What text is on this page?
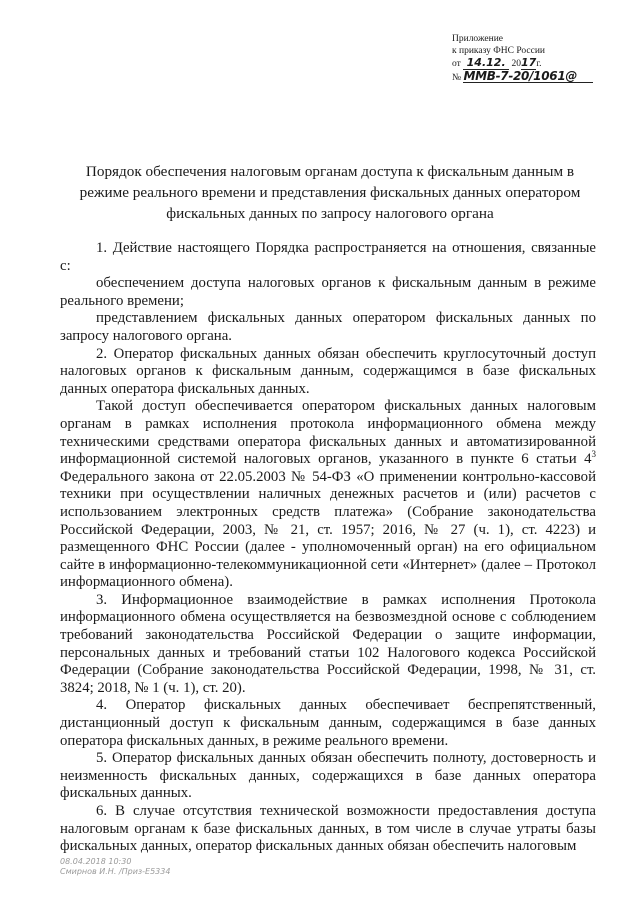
Приложение
к приказу ФНС России
от 14.12. 2017г.
№ ММВ-7-20/1061@
Порядок обеспечения налоговым органам доступа к фискальным данным в режиме реального времени и представления фискальных данных оператором фискальных данных по запросу налогового органа

1. Действие настоящего Порядка распространяется на отношения, связанные с:

обеспечением доступа налоговых органов к фискальным данным в режиме реального времени;

представлением фискальных данных оператором фискальных данных по запросу налогового органа.

2. Оператор фискальных данных обязан обеспечить круглосуточный доступ налоговых органов к фискальным данным, содержащимся в базе фискальных данных оператора фискальных данных.

Такой доступ обеспечивается оператором фискальных данных налоговым органам в рамках исполнения протокола информационного обмена между техническими средствами оператора фискальных данных и автоматизированной информационной системой налоговых органов, указанного в пункте 6 статьи $4^3$ Федерального закона от 22.05.2003 № 54-ФЗ «О применении контрольно-кассовой техники при осуществлении наличных денежных расчетов и (или) расчетов с использованием электронных средств платежа» (Собрание законодательства Российской Федерации, 2003, № 21, ст. 1957; 2016, № 27 (ч. 1), ст. 4223) и размещенного ФНС России (далее - уполномоченный орган) на его официальном сайте в информационно-телекоммуникационной сети «Интернет» (далее – Протокол информационного обмена).

3. Информационное взаимодействие в рамках исполнения Протокола информационного обмена осуществляется на безвозмездной основе с соблюдением требований законодательства Российской Федерации о защите информации, персональных данных и требований статьи 102 Налогового кодекса Российской Федерации (Собрание законодательства Российской Федерации, 1998, № 31, ст. 3824; 2018, № 1 (ч. 1), ст. 20).

4. Оператор фискальных данных обеспечивает беспрепятственный, дистанционный доступ к фискальным данным, содержащимся в базе данных оператора фискальных данных, в режиме реального времени.

5. Оператор фискальных данных обязан обеспечить полноту, достоверность и неизменность фискальных данных, содержащихся в базе данных оператора фискальных данных.

6. В случае отсутствия технической возможности предоставления доступа налоговым органам к базе фискальных данных, в том числе в случае утраты базы фискальных данных, оператор фискальных данных обязан обеспечить налоговым

08.04.2018 10:30
Смирнов И.Н. /Приз-Е5334
